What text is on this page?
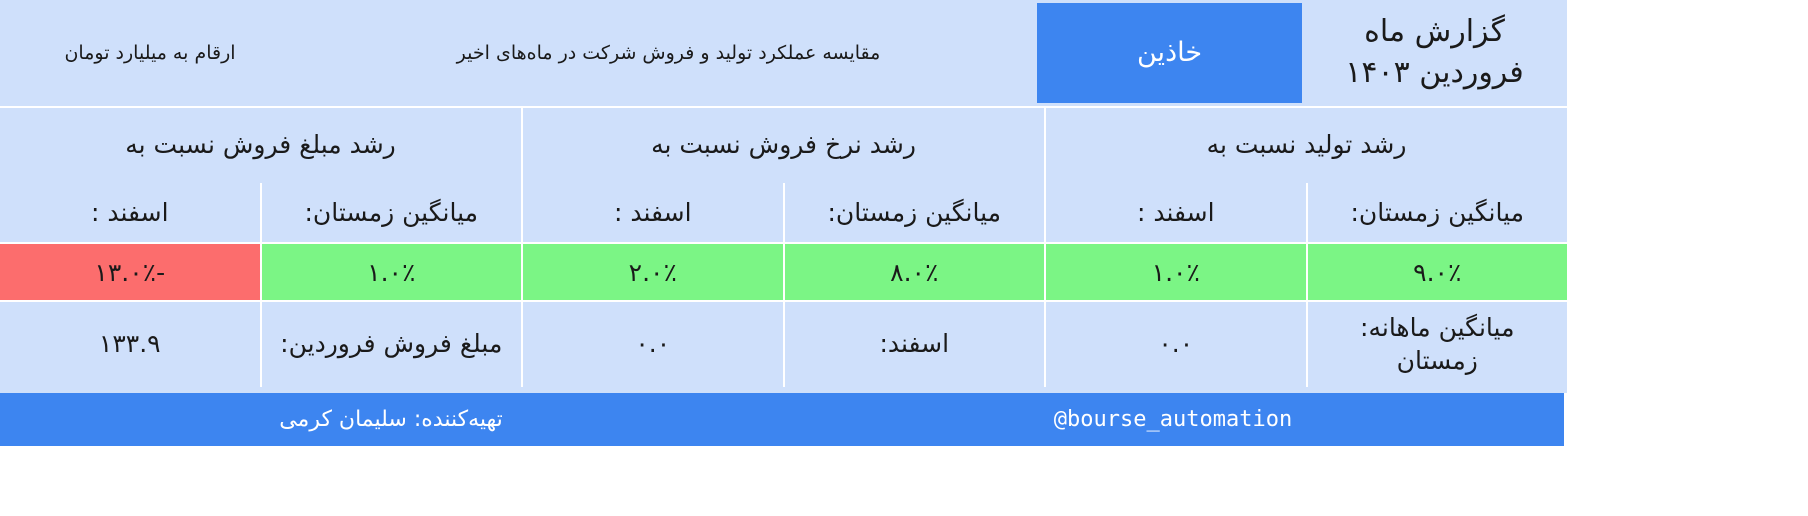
گزارش ماه فروردین ۱۴۰۳
خاذین
مقایسه عملکرد تولید و فروش شرکت در ماه‌های اخیر
ارقام به میلیارد تومان
رشد تولید نسبت به
رشد نرخ فروش نسبت به
رشد مبلغ فروش نسبت به
میانگین زمستان:
اسفند :
میانگین زمستان:
اسفند :
میانگین زمستان:
اسفند :
۹.۰٪
۱.۰٪
۸.۰٪
۲.۰٪
۱.۰٪
-۱۳.۰٪
میانگین ماهانه: زمستان
۰.۰
اسفند:
۰.۰
مبلغ فروش فروردین:
۱۳۳.۹
@bourse_automation
تهیه‌کننده: سلیمان کرمی
